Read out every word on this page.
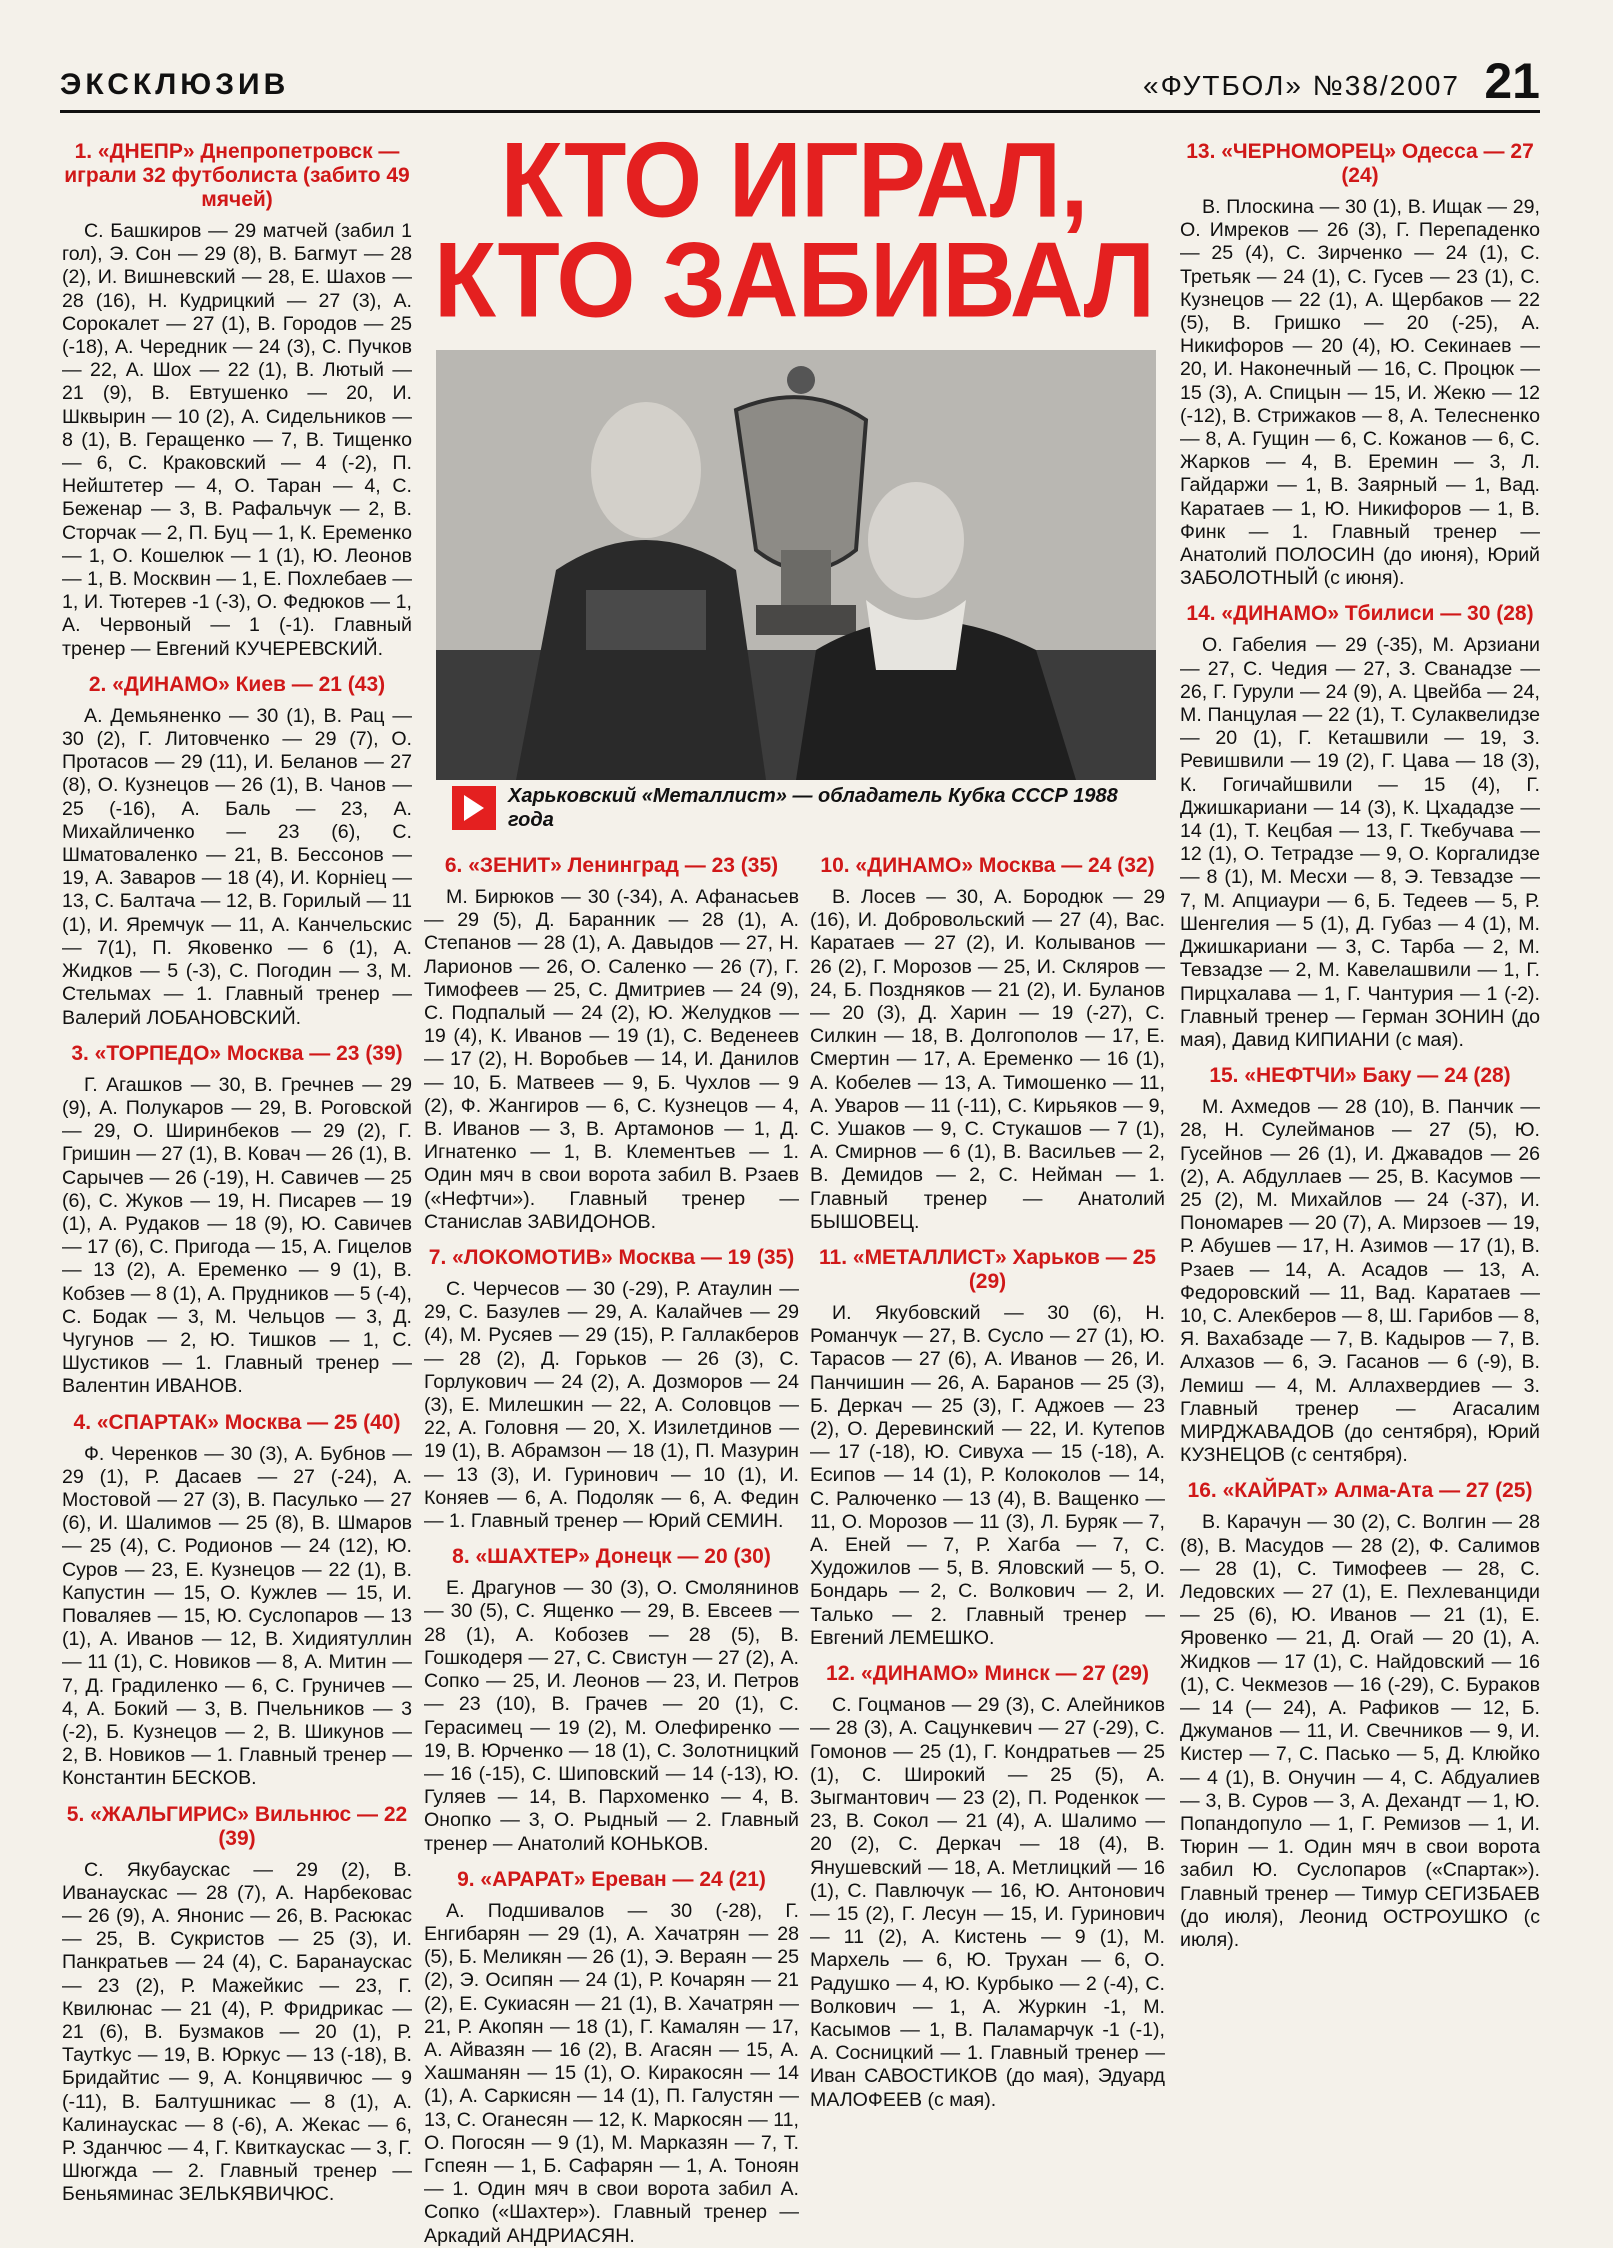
ЭКСКЛЮЗИВ	«ФУТБОЛ» №38/2007 21
1. «ДНЕПР» Днепропетровск — играли 32 футболиста (забито 49 мячей)

С. Башкиров — 29 матчей (забил 1 гол), Э. Сон — 29 (8), В. Багмут — 28 (2), И. Вишневский — 28, Е. Шахов — 28 (16), Н. Кудрицкий — 27 (3), А. Сорокалет — 27 (1), В. Городов — 25 (-18), А. Чередник — 24 (3), С. Пучков — 22, А. Шох — 22 (1), В. Лютый — 21 (9), В. Евтушенко — 20, И. Шквырин — 10 (2), А. Сидельников — 8 (1), В. Геращенко — 7, В. Тищенко — 6, С. Краковский — 4 (-2), П. Нейштетер — 4, О. Таран — 4, С. Беженар — 3, В. Рафальчук — 2, В. Сторчак — 2, П. Буц — 1, К. Еременко — 1, О. Кошелюк — 1 (1), Ю. Леонов — 1, В. Москвин — 1, Е. Похлебаев — 1, И. Тютерев -1 (-3), О. Федюков — 1, А. Червоный — 1 (-1). Главный тренер — Евгений КУЧЕРЕВСКИЙ.

2. «ДИНАМО» Киев — 21 (43)

А. Демьяненко — 30 (1), В. Рац — 30 (2), Г. Литовченко — 29 (7), О. Протасов — 29 (11), И. Беланов — 27 (8), О. Кузнецов — 26 (1), В. Чанов — 25 (-16), А. Баль — 23, А. Михайличенко — 23 (6), С. Шматоваленко — 21, В. Бессонов — 19, А. Заваров — 18 (4), И. Корнiец — 13, С. Балтача — 12, В. Горилый — 11 (1), И. Яремчук — 11, А. Канчельскис — 7(1), П. Яковенко — 6 (1), А. Жидков — 5 (-3), С. Погодин — 3, М. Стельмах — 1. Главный тренер — Валерий ЛОБАНОВСКИЙ.

3. «ТОРПЕДО» Москва — 23 (39)

Г. Агашков — 30, В. Гречнев — 29 (9), А. Полукаров — 29, В. Роговской — 29, О. Ширинбеков — 29 (2), Г. Гришин — 27 (1), В. Ковач — 26 (1), В. Сарычев — 26 (-19), Н. Савичев — 25 (6), С. Жуков — 19, Н. Писарев — 19 (1), А. Рудаков — 18 (9), Ю. Савичев — 17 (6), С. Пригода — 15, А. Гицелов — 13 (2), А. Еременко — 9 (1), В. Кобзев — 8 (1), А. Прудников — 5 (-4), С. Бодак — 3, М. Чельцов — 3, Д. Чугунов — 2, Ю. Тишков — 1, С. Шустиков — 1. Главный тренер — Валентин ИВАНОВ.

4. «СПАРТАК» Москва — 25 (40)

Ф. Черенков — 30 (3), А. Бубнов — 29 (1), Р. Дасаев — 27 (-24), А. Мостовой — 27 (3), В. Пасулько — 27 (6), И. Шалимов — 25 (8), В. Шмаров — 25 (4), С. Родионов — 24 (12), Ю. Суров — 23, Е. Кузнецов — 22 (1), В. Капустин — 15, О. Кужлев — 15, И. Поваляев — 15, Ю. Суслопаров — 13 (1), А. Иванов — 12, В. Хидиятуллин — 11 (1), С. Новиков — 8, А. Митин — 7, Д. Градиленко — 6, С. Груничев — 4, А. Бокий — 3, В. Пчельников — 3 (-2), Б. Кузнецов — 2, В. Шикунов — 2, В. Новиков — 1. Главный тренер — Константин БЕСКОВ.

5. «ЖАЛЬГИРИС» Вильнюс — 22 (39)

С. Якубаускас — 29 (2), В. Иванаускас — 28 (7), А. Нарбековас — 26 (9), А. Янонис — 26, В. Расюкас — 25, В. Сукристов — 25 (3), И. Панкратьев — 24 (4), С. Баранаускас — 23 (2), Р. Мажейкис — 23, Г. Квилюнас — 21 (4), Р. Фридрикас — 21 (6), В. Бузмаков — 20 (1), Р. Таутkус — 19, В. Юркус — 13 (-18), В. Бридайтис — 9, А. Концявичюс — 9 (-11), В. Балтушникас — 8 (1), А. Калинаускас — 8 (-6), А. Жекас — 6, Р. Зданчюс — 4, Г. Квиткаускас — 3, Г. Шюгжда — 2. Главный тренер — Беньяминас ЗЕЛЬКЯВИЧЮС.

КТО ИГРАЛ,
КТО ЗАБИВАЛ
Харьковский «Металлист» — обладатель Кубка СССР 1988 года
6. «ЗЕНИТ» Ленинград — 23 (35)

М. Бирюков — 30 (-34), А. Афанасьев — 29 (5), Д. Баранник — 28 (1), А. Степанов — 28 (1), А. Давыдов — 27, Н. Ларионов — 26, О. Саленко — 26 (7), Г. Тимофеев — 25, С. Дмитриев — 24 (9), С. Подпалый — 24 (2), Ю. Желудков — 19 (4), К. Иванов — 19 (1), С. Веденеев — 17 (2), Н. Воробьев — 14, И. Данилов — 10, Б. Матвеев — 9, Б. Чухлов — 9 (2), Ф. Жангиров — 6, С. Кузнецов — 4, В. Иванов — 3, В. Артамонов — 1, Д. Игнатенко — 1, В. Клементьев — 1. Один мяч в свои ворота забил В. Рзаев («Нефтчи»). Главный тренер — Станислав ЗАВИДОНОВ.

7. «ЛОКОМОТИВ» Москва — 19 (35)

С. Черчесов — 30 (-29), Р. Атаулин — 29, С. Базулев — 29, А. Калайчев — 29 (4), М. Русяев — 29 (15), Р. Галлакберов — 28 (2), Д. Горьков — 26 (3), С. Горлукович — 24 (2), А. Дозморов — 24 (3), Е. Милешкин — 22, А. Соловцов — 22, А. Головня — 20, Х. Изилетдинов — 19 (1), В. Абрамзон — 18 (1), П. Мазурин — 13 (3), И. Гуринович — 10 (1), И. Коняев — 6, А. Подоляк — 6, А. Федин — 1. Главный тренер — Юрий СЕМИН.

8. «ШАХТЕР» Донецк — 20 (30)

Е. Драгунов — 30 (3), О. Смолянинов — 30 (5), С. Ященко — 29, В. Евсеев — 28 (1), А. Кобозев — 28 (5), В. Гошкодеря — 27, С. Свистун — 27 (2), А. Сопко — 25, И. Леонов — 23, И. Петров — 23 (10), В. Грачев — 20 (1), С. Герасимец — 19 (2), М. Олефиренко — 19, В. Юрченко — 18 (1), С. Золотницкий — 16 (-15), С. Шиповский — 14 (-13), Ю. Гуляев — 14, В. Пархоменко — 4, В. Онопко — 3, О. Рыдный — 2. Главный тренер — Анатолий КОНЬКОВ.

9. «АРАРАТ» Ереван — 24 (21)

А. Подшивалов — 30 (-28), Г. Енгибарян — 29 (1), А. Хачатрян — 28 (5), Б. Меликян — 26 (1), Э. Вераян — 25 (2), Э. Осипян — 24 (1), Р. Кочарян — 21 (2), Е. Сукиасян — 21 (1), В. Хачатрян — 21, Р. Акопян — 18 (1), Г. Камалян — 17, А. Айвазян — 16 (2), В. Агасян — 15, А. Хашманян — 15 (1), О. Киракосян — 14 (1), А. Саркисян — 14 (1), П. Галустян — 13, С. Оганесян — 12, К. Маркосян — 11, О. Погосян — 9 (1), М. Марказян — 7, Т. Гспеян — 1, Б. Сафарян — 1, А. Тонoян — 1. Один мяч в свои ворота забил А. Сопко («Шахтер»). Главный тренер — Аркадий АНДРИАСЯН.

10. «ДИНАМО» Москва — 24 (32)

В. Лосев — 30, А. Бородюк — 29 (16), И. Добровольский — 27 (4), Вас. Каратаев — 27 (2), И. Колыванов — 26 (2), Г. Морозов — 25, И. Скляров — 24, Б. Поздняков — 21 (2), И. Буланов — 20 (3), Д. Харин — 19 (-27), С. Силкин — 18, В. Долгополов — 17, Е. Смертин — 17, А. Еременко — 16 (1), А. Кобелев — 13, А. Тимошенко — 11, А. Уваров — 11 (-11), С. Кирьяков — 9, С. Ушаков — 9, С. Стукашов — 7 (1), А. Смирнов — 6 (1), В. Васильев — 2, В. Демидов — 2, С. Нейман — 1. Главный тренер — Анатолий БЫШОВЕЦ.

11. «МЕТАЛЛИСТ» Харьков — 25 (29)

И. Якубовский — 30 (6), Н. Романчук — 27, В. Сусло — 27 (1), Ю. Тарасов — 27 (6), А. Иванов — 26, И. Панчишин — 26, А. Баранов — 25 (3), Б. Деркач — 25 (3), Г. Аджоев — 23 (2), О. Деревинский — 22, И. Кутепов — 17 (-18), Ю. Сивуха — 15 (-18), А. Есипов — 14 (1), Р. Колоколов — 14, С. Ралюченко — 13 (4), В. Ващенко — 11, О. Морозов — 11 (3), Л. Буряк — 7, А. Еней — 7, Р. Хагба — 7, С. Художилов — 5, В. Яловский — 5, О. Бондарь — 2, С. Волкович — 2, И. Талько — 2. Главный тренер — Евгений ЛЕМЕШКО.

12. «ДИНАМО» Минск — 27 (29)

С. Гоцманов — 29 (3), С. Алейников — 28 (3), А. Сацункевич — 27 (-29), С. Гомонов — 25 (1), Г. Кондратьев — 25 (1), С. Широкий — 25 (5), А. Зыгмантович — 23 (2), П. Роденкок — 23, В. Сокол — 21 (4), А. Шалимо — 20 (2), С. Деркач — 18 (4), В. Янушевский — 18, А. Метлицкий — 16 (1), С. Павлючук — 16, Ю. Антонович — 15 (2), Г. Лесун — 15, И. Гуринович — 11 (2), А. Кистень — 9 (1), М. Мархель — 6, Ю. Трухан — 6, О. Радушко — 4, Ю. Курбыко — 2 (-4), С. Волкович — 1, А. Журкин -1, М. Касымов — 1, В. Паламарчук -1 (-1), А. Сосницкий — 1. Главный тренер — Иван САВОСТИКОВ (до мая), Эдуард МАЛОФЕЕВ (с мая).

13. «ЧЕРНОМОРЕЦ» Одесса — 27 (24)

В. Плоскина — 30 (1), В. Ищак — 29, О. Имреков — 26 (3), Г. Перепаденко — 25 (4), С. Зирченко — 24 (1), С. Третьяк — 24 (1), С. Гусев — 23 (1), С. Кузнецов — 22 (1), А. Щербаков — 22 (5), В. Гришко — 20 (-25), А. Никифоров — 20 (4), Ю. Секинаев — 20, И. Наконечный — 16, С. Процюк — 15 (3), А. Спицын — 15, И. Жекю — 12 (-12), В. Стрижаков — 8, А. Телесненко — 8, А. Гущин — 6, С. Кожанов — 6, С. Жарков — 4, В. Еремин — 3, Л. Гайдаржи — 1, В. Заярный — 1, Вад. Каратаев — 1, Ю. Никифоров — 1, В. Финк — 1. Главный тренер — Анатолий ПОЛОСИН (до июня), Юрий ЗАБОЛОТНЫЙ (с июня).

14. «ДИНАМО» Тбилиси — 30 (28)

О. Габелия — 29 (-35), М. Арзиани — 27, С. Чедия — 27, З. Сванадзе — 26, Г. Гурули — 24 (9), А. Цвейба — 24, М. Панцулая — 22 (1), Т. Сулаквелидзе — 20 (1), Г. Кеташвили — 19, З. Ревишвили — 19 (2), Г. Цава — 18 (3), К. Гогичайшвили — 15 (4), Г. Джишкариани — 14 (3), К. Цxададзе — 14 (1), Т. Кецбая — 13, Г. Ткебучава — 12 (1), О. Тетрадзе — 9, О. Коргалидзе — 8 (1), М. Месхи — 8, Э. Тевзадзе — 7, М. Апциаури — 6, Б. Тедеев — 5, Р. Шенгелия — 5 (1), Д. Губаз — 4 (1), М. Джишкариани — 3, С. Тарба — 2, М. Тевзадзе — 2, М. Кавелашвили — 1, Г. Пирцхалава — 1, Г. Чантурия — 1 (-2). Главный тренер — Герман ЗОНИН (до мая), Давид КИПИАНИ (с мая).

15. «НЕФТЧИ» Баку — 24 (28)

М. Ахмедов — 28 (10), В. Панчик — 28, Н. Сулейманов — 27 (5), Ю. Гусейнов — 26 (1), И. Джавадов — 26 (2), А. Абдуллаев — 25, В. Касумов — 25 (2), М. Михайлов — 24 (-37), И. Пономарев — 20 (7), А. Мирзоев — 19, Р. Абушев — 17, Н. Азимов — 17 (1), В. Рзаев — 14, А. Асадов — 13, А. Федоровский — 11, Вад. Каратаев — 10, С. Алекберов — 8, Ш. Гарибов — 8, Я. Вахабзаде — 7, В. Кадыров — 7, В. Алхазов — 6, Э. Гасанов — 6 (-9), В. Лемиш — 4, М. Аллахвердиев — 3. Главный тренер — Агасалим МИРДЖАВАДОВ (до сентября), Юрий КУЗНЕЦОВ (с сентября).

16. «КАЙРАТ» Алма-Ата — 27 (25)

В. Карачун — 30 (2), С. Волгин — 28 (8), В. Масудов — 28 (2), Ф. Салимов — 28 (1), С. Тимофеев — 28, С. Ледовских — 27 (1), Е. Пехлеванциди — 25 (6), Ю. Иванов — 21 (1), Е. Яровенко — 21, Д. Огай — 20 (1), А. Жидков — 17 (1), С. Найдовский — 16 (1), С. Чекмезов — 16 (-29), С. Бураков — 14 (— 24), А. Рафиков — 12, Б. Джуманов — 11, И. Свечников — 9, И. Кистер — 7, С. Пасько — 5, Д. Клюйко — 4 (1), В. Онучин — 4, С. Абдуалиев — 3, В. Суров — 3, А. Дехандт — 1, Ю. Попандопуло — 1, Г. Ремизов — 1, И. Тюрин — 1. Один мяч в свои ворота забил Ю. Суслопаров («Спартак»). Главный тренер — Тимур СЕГИЗБАЕВ (до июля), Леонид ОСТРОУШКО (с июля).
